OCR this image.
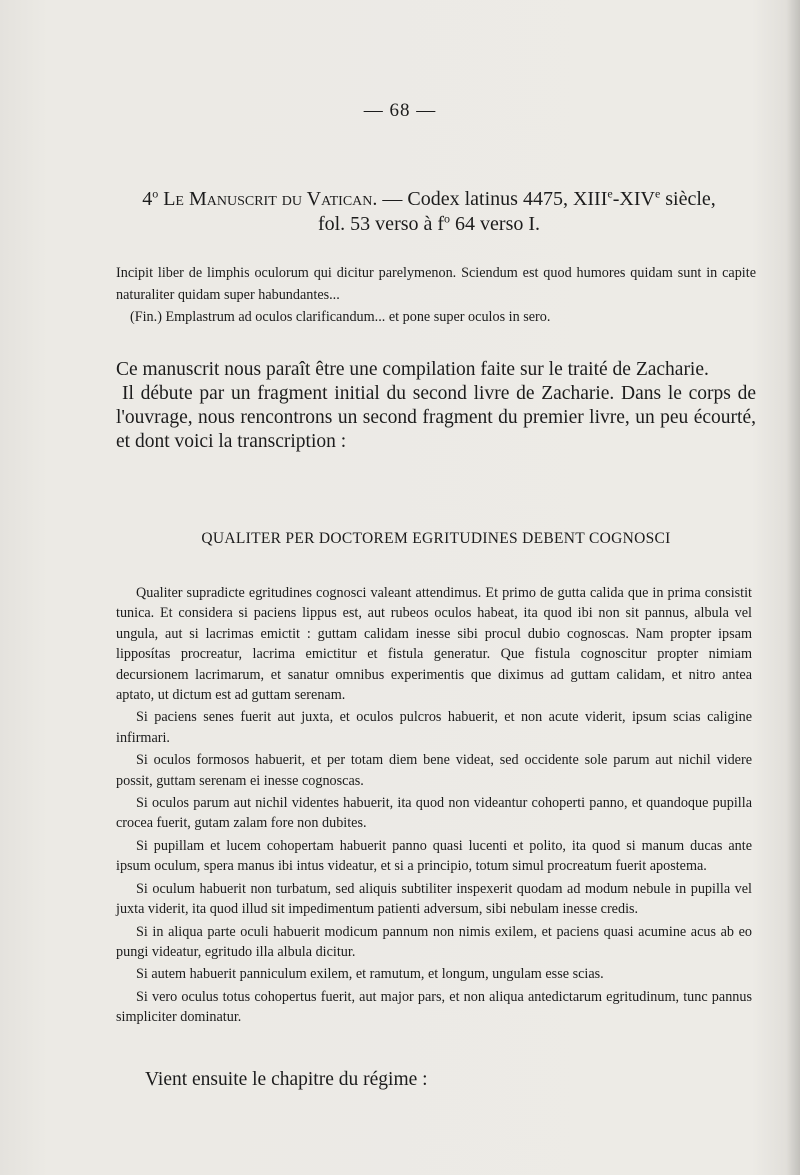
— 68 —
4$^o$ Le Manuscrit du Vatican. — Codex latinus 4475, XIIIe-XIVe siècle,
fol. 53 verso à $f^o$ 64 verso I.

Incipit liber de limphis oculorum qui dicitur parelymenon. Sciendum est quod humores quidam sunt in capite naturaliter quidam super habundantes...

(Fin.) Emplastrum ad oculos clarificandum... et pone super oculos in sero.

Ce manuscrit nous paraît être une compilation faite sur le traité de Zacharie.

Il débute par un fragment initial du second livre de Zacharie. Dans le corps de l'ouvrage, nous rencontrons un second fragment du premier livre, un peu écourté, et dont voici la transcription :

QUALITER PER DOCTOREM EGRITUDINES DEBENT COGNOSCI

Qualiter supradicte egritudines cognosci valeant attendimus. Et primo de gutta calida que in prima consistit tunica. Et considera si paciens lippus est, aut rubeos oculos habeat, ita quod ibi non sit pannus, albula vel ungula, aut si lacrimas emictit : guttam calidam inesse sibi procul dubio cognoscas. Nam propter ipsam lipposítas procreatur, lacrima emictitur et fistula generatur. Que fistula cognoscitur propter nimiam decursionem lacrimarum, et sanatur omnibus experimentis que diximus ad guttam calidam, et nitro antea aptato, ut dictum est ad guttam serenam.

Si paciens senes fuerit aut juxta, et oculos pulcros habuerit, et non acute viderit, ipsum scias caligine infirmari.

Si oculos formosos habuerit, et per totam diem bene videat, sed occidente sole parum aut nichil videre possit, guttam serenam ei inesse cognoscas.

Si oculos parum aut nichil videntes habuerit, ita quod non videantur cohoperti panno, et quandoque pupilla crocea fuerit, gutam zalam fore non dubites.

Si pupillam et lucem cohopertam habuerit panno quasi lucenti et polito, ita quod si manum ducas ante ipsum oculum, spera manus ibi intus videatur, et si a principio, totum simul procreatum fuerit apostema.

Si oculum habuerit non turbatum, sed aliquis subtiliter inspexerit quodam ad modum nebule in pupilla vel juxta viderit, ita quod illud sit impedimentum patienti adversum, sibi nebulam inesse credis.

Si in aliqua parte oculi habuerit modicum pannum non nimis exilem, et paciens quasi acumine acus ab eo pungi videatur, egritudo illa albula dicitur.

Si autem habuerit panniculum exilem, et ramutum, et longum, ungulam esse scias.

Si vero oculus totus cohopertus fuerit, aut major pars, et non aliqua antedictarum egritudinum, tunc pannus simpliciter dominatur.

Vient ensuite le chapitre du régime :
